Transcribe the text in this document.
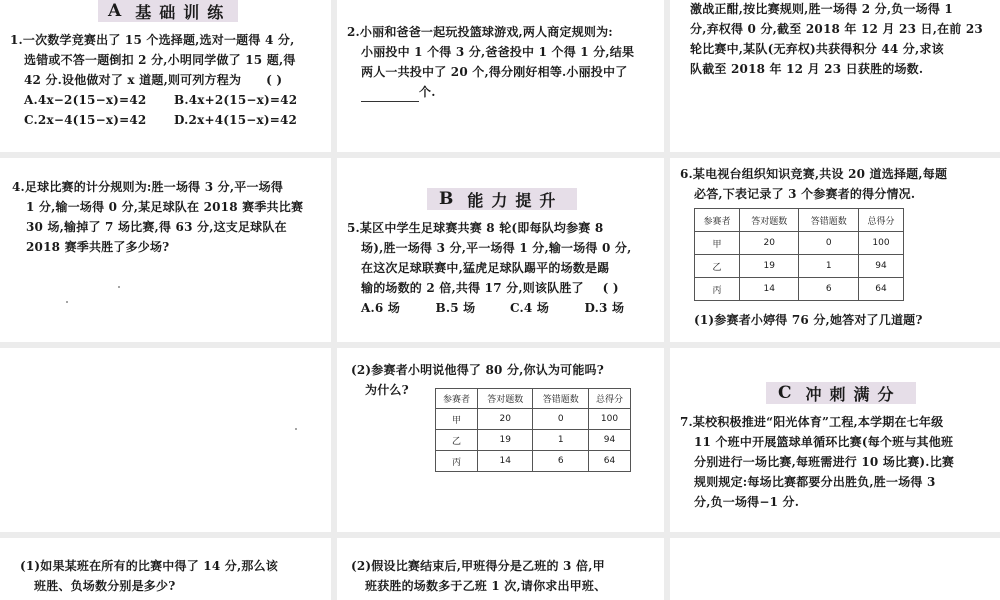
A 基础训练
1.一次数学竞赛出了 15 个选择题,选对一题得 4 分,
选错或不答一题倒扣 2 分,小明同学做了 15 题,得
42 分.设他做对了 x 道题,则可列方程为 ( )
A.4x−2(15−x)=42	B.4x+2(15−x)=42
C.2x−4(15−x)=42	D.2x+4(15−x)=42
2.小丽和爸爸一起玩投篮球游戏,两人商定规则为:
小丽投中 1 个得 3 分,爸爸投中 1 个得 1 分,结果
两人一共投中了 20 个,得分刚好相等.小丽投中了
个.
激战正酣,按比赛规则,胜一场得 2 分,负一场得 1
分,弃权得 0 分,截至 2018 年 12 月 23 日,在前 23
轮比赛中,某队(无弃权)共获得积分 44 分,求该
队截至 2018 年 12 月 23 日获胜的场数.
4.足球比赛的计分规则为:胜一场得 3 分,平一场得
1 分,输一场得 0 分,某足球队在 2018 赛季共比赛
30 场,输掉了 7 场比赛,得 63 分,这支足球队在
2018 赛季共胜了多少场?
B 能力提升
5.某区中学生足球赛共赛 8 轮(即每队均参赛 8
场),胜一场得 3 分,平一场得 1 分,输一场得 0 分,
在这次足球联赛中,猛虎足球队踢平的场数是踢
输的场数的 2 倍,共得 17 分,则该队胜了 ( )
A.6 场	B.5 场	C.4 场	D.3 场
6.某电视台组织知识竞赛,共设 20 道选择题,每题
必答,下表记录了 3 个参赛者的得分情况.
参赛者	答对题数	答错题数	总得分
甲	20	0	100
乙	19	1	94
丙	14	6	64
(1)参赛者小婷得 76 分,她答对了几道题?
(2)参赛者小明说他得了 80 分,你认为可能吗?
为什么?
参赛者	答对题数	答错题数	总得分
甲	20	0	100
乙	19	1	94
丙	14	6	64
C 冲刺满分
7.某校积极推进“阳光体育”工程,本学期在七年级
11 个班中开展篮球单循环比赛(每个班与其他班
分别进行一场比赛,每班需进行 10 场比赛).比赛
规则规定:每场比赛都要分出胜负,胜一场得 3
分,负一场得−1 分.
(1)如果某班在所有的比赛中得了 14 分,那么该
班胜、负场数分别是多少?
(2)假设比赛结束后,甲班得分是乙班的 3 倍,甲
班获胜的场数多于乙班 1 次,请你求出甲班、
